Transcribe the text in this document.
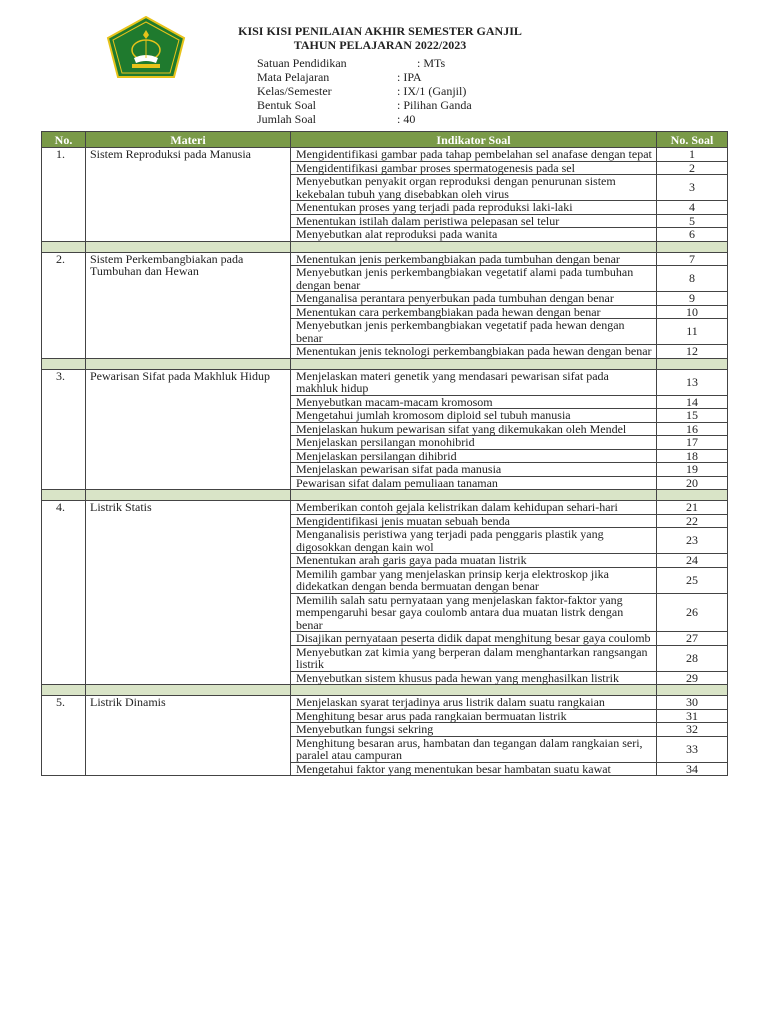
KISI KISI PENILAIAN AKHIR SEMESTER GANJIL
TAHUN PELAJARAN 2022/2023
Satuan Pendidikan	: MTs
Mata Pelajaran	: IPA
Kelas/Semester	: IX/1 (Ganjil)
Bentuk Soal	: Pilihan Ganda
Jumlah Soal	: 40
No.	Materi	Indikator Soal	No. Soal
1.	Sistem Reproduksi pada Manusia	Mengidentifikasi gambar pada tahap pembelahan sel anafase dengan tepat	1
		Mengidentifikasi gambar proses spermatogenesis pada sel	2
		Menyebutkan penyakit organ reproduksi dengan penurunan sistem kekebalan tubuh yang disebabkan oleh virus	3
		Menentukan proses yang terjadi pada reproduksi laki-laki	4
		Menentukan istilah dalam peristiwa pelepasan sel telur	5
		Menyebutkan alat reproduksi pada wanita	6

2.	Sistem Perkembangbiakan pada Tumbuhan dan Hewan	Menentukan jenis perkembangbiakan pada tumbuhan dengan benar	7
		Menyebutkan jenis perkembangbiakan vegetatif alami pada tumbuhan dengan benar	8
		Menganalisa perantara penyerbukan pada tumbuhan dengan benar	9
		Menentukan cara perkembangbiakan pada hewan dengan benar	10
		Menyebutkan jenis perkembangbiakan vegetatif pada hewan dengan benar	11
		Menentukan jenis teknologi perkembangbiakan pada hewan dengan benar	12

3.	Pewarisan Sifat pada Makhluk Hidup	Menjelaskan materi genetik yang mendasari pewarisan sifat pada makhluk hidup	13
		Menyebutkan macam-macam kromosom	14
		Mengetahui jumlah kromosom diploid sel tubuh manusia	15
		Menjelaskan hukum pewarisan sifat yang dikemukakan oleh Mendel	16
		Menjelaskan persilangan monohibrid	17
		Menjelaskan persilangan dihibrid	18
		Menjelaskan pewarisan sifat pada manusia	19
		Pewarisan sifat dalam pemuliaan tanaman	20

4.	Listrik Statis	Memberikan contoh gejala kelistrikan dalam kehidupan sehari-hari	21
		Mengidentifikasi jenis muatan sebuah benda	22
		Menganalisis peristiwa yang terjadi pada penggaris plastik yang digosokkan dengan kain wol	23
		Menentukan arah garis gaya pada muatan listrik	24
		Memilih gambar yang menjelaskan prinsip kerja elektroskop jika didekatkan dengan benda bermuatan dengan benar	25
		Memilih salah satu pernyataan yang menjelaskan faktor-faktor yang mempengaruhi besar gaya coulomb antara dua muatan listrk dengan benar	26
		Disajikan pernyataan peserta didik dapat menghitung besar gaya coulomb	27
		Menyebutkan zat kimia yang berperan dalam menghantarkan rangsangan listrik	28
		Menyebutkan sistem khusus pada hewan yang menghasilkan listrik	29

5.	Listrik Dinamis	Menjelaskan syarat terjadinya arus listrik dalam suatu rangkaian	30
		Menghitung besar arus pada rangkaian bermuatan listrik	31
		Menyebutkan fungsi sekring	32
		Menghitung besaran arus, hambatan dan tegangan dalam rangkaian seri, paralel atau campuran	33
		Mengetahui faktor yang menentukan besar hambatan suatu kawat	34
